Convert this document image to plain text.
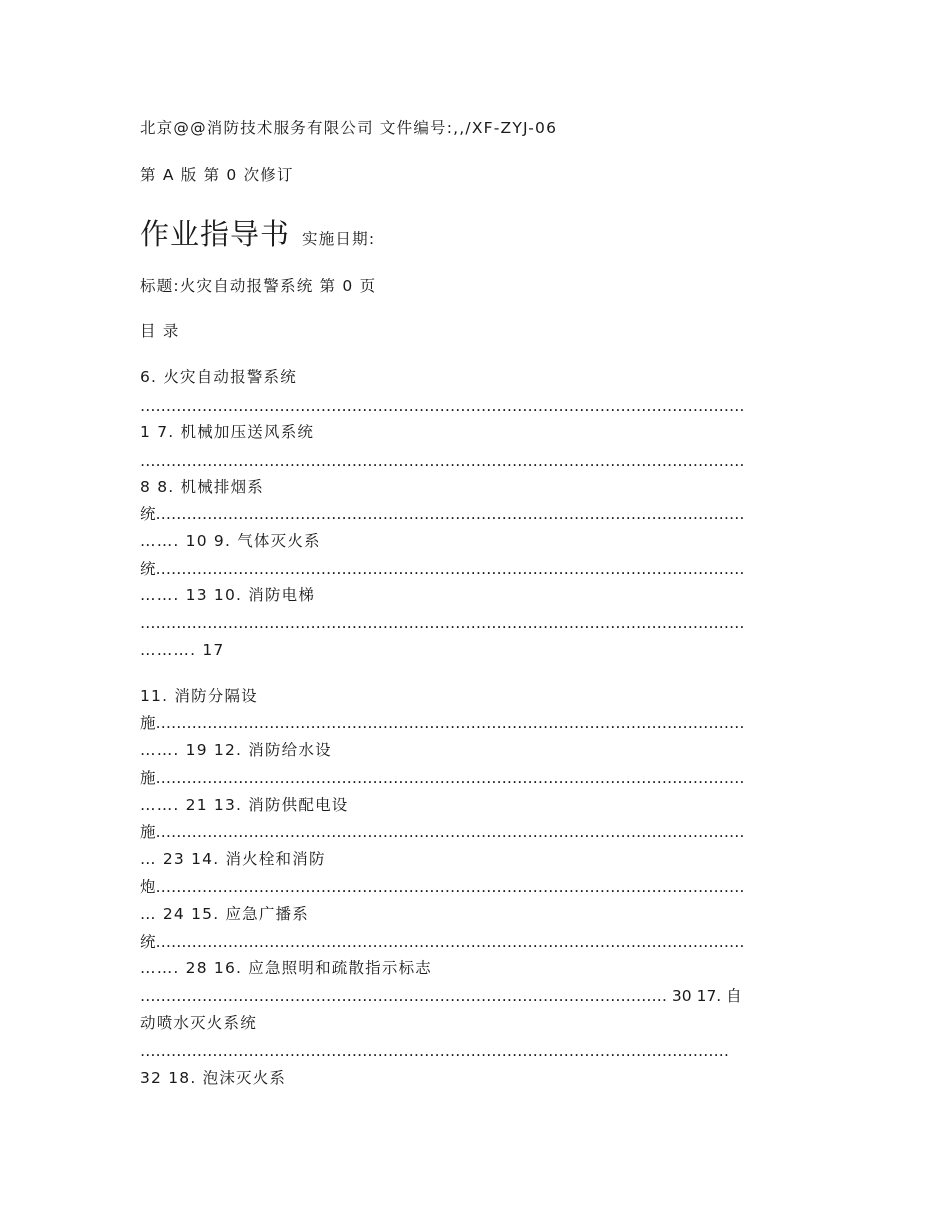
北京@@消防技术服务有限公司 文件编号:,,/XF-ZYJ-06
第 A 版 第 0 次修订
作业指导书 实施日期:
标题:火灾自动报警系统 第 0 页
目 录
6. 火灾自动报警系统
………………………………………………………………………………………………………
1 7. 机械加压送风系统
………………………………………………………………………………………………………
8 8. 机械排烟系
统……………………………………………………………………………………………………
……. 10 9. 气体灭火系
统……………………………………………………………………………………………………
……. 13 10. 消防电梯
………………………………………………………………………………………………………
………. 17
11. 消防分隔设
施……………………………………………………………………………………………………
……. 19 12. 消防给水设
施……………………………………………………………………………………………………
……. 21 13. 消防供配电设
施……………………………………………………………………………………………………
… 23 14. 消火栓和消防
炮……………………………………………………………………………………………………
… 24 15. 应急广播系
统……………………………………………………………………………………………………
……. 28 16. 应急照明和疏散指示标志
………………………………………………………………………………………… 30 17. 自
动喷水灭火系统
……………………………………………………………………………………………………
32 18. 泡沫灭火系
